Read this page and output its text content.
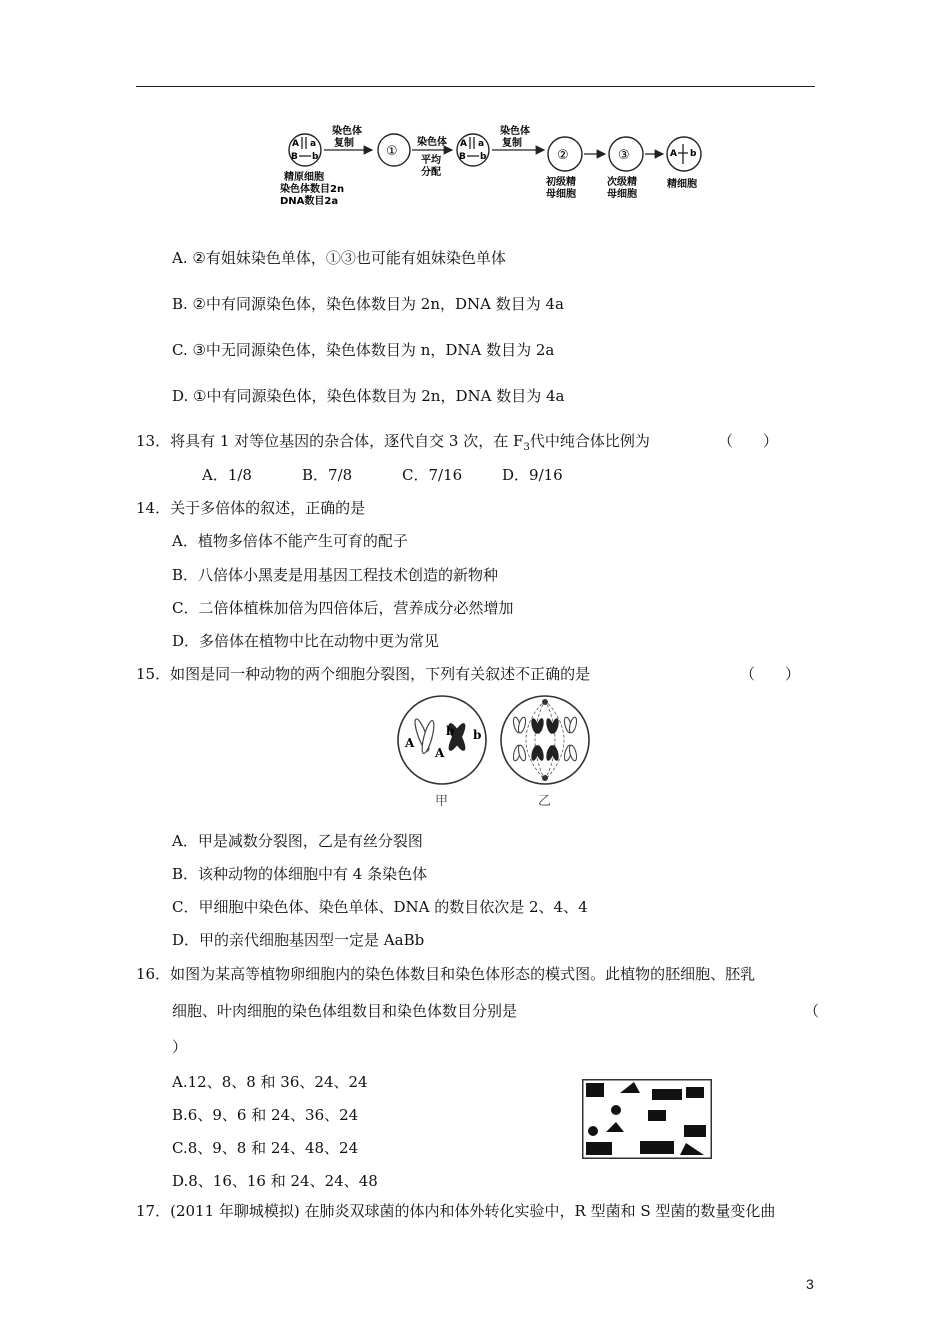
A a
B b
染色体
复制
①
染色体
平均
分配
A a
B b
染色体
复制
②
初级精
母细胞
③
次级精
母细胞
A b
精细胞
精原细胞
染色体数目2n
DNA数目2a
A. ②有姐妹染色单体，①③也可能有姐妹染色单体
B. ②中有同源染色体，染色体数目为 2n，DNA 数目为 4a
C. ③中无同源染色体，染色体数目为 n，DNA 数目为 2a
D. ①中有同源染色体，染色体数目为 2n，DNA 数目为 4a
13．将具有 1 对等位基因的杂合体，逐代自交 3 次，在 $F_3$代中纯合体比例为	（　　）
A．1/8	B．7/8	C．7/16	D．9/16
14．关于多倍体的叙述，正确的是
A．植物多倍体不能产生可育的配子
B．八倍体小黑麦是用基因工程技术创造的新物种
C．二倍体植株加倍为四倍体后，营养成分必然增加
D．多倍体在植物中比在动物中更为常见
15．如图是同一种动物的两个细胞分裂图，下列有关叙述不正确的是	（　　）
A
A
b b
甲	乙
A．甲是减数分裂图，乙是有丝分裂图
B．该种动物的体细胞中有 4 条染色体
C．甲细胞中染色体、染色单体、DNA 的数目依次是 2、4、4
D．甲的亲代细胞基因型一定是 AaBb
16．如图为某高等植物卵细胞内的染色体数目和染色体形态的模式图。此植物的胚细胞、胚乳
细胞、叶肉细胞的染色体组数目和染色体数目分别是	（
）
A.12、8、8 和 36、24、24
B.6、9、6 和 24、36、24
C.8、9、8 和 24、48、24
D.8、16、16 和 24、24、48
17．(2011 年聊城模拟) 在肺炎双球菌的体内和体外转化实验中，R 型菌和 S 型菌的数量变化曲
3
